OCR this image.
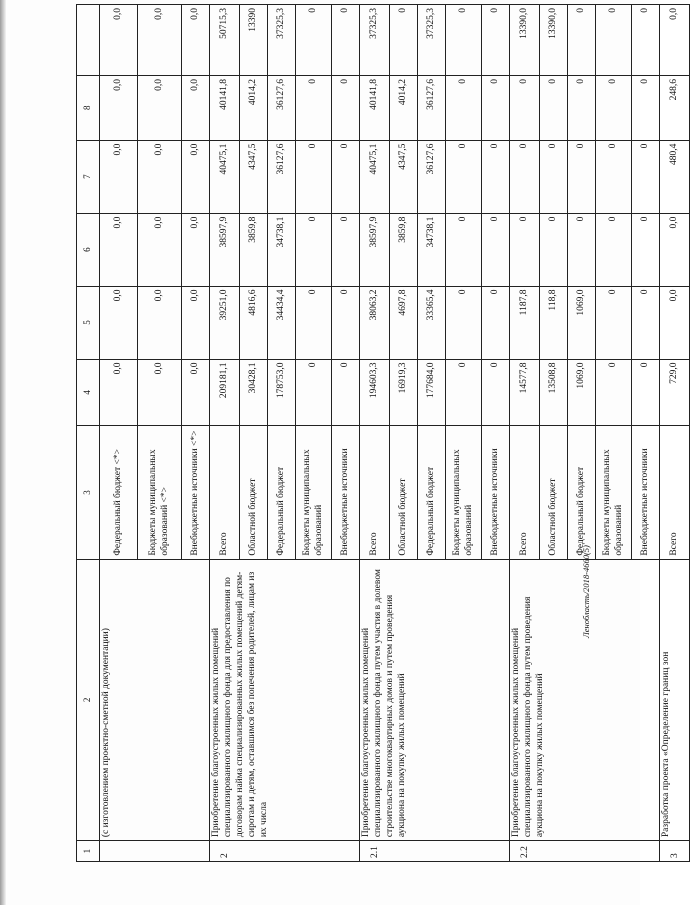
1	2	3	4	5	6	7	8	
	(с изготовлением проектно-сметной документации)	Федеральный бюджет <*>	0,0	0,0	0,0	0,0	0,0	0,0
		Бюджеты муниципальных образований <*>	0,0	0,0	0,0	0,0	0,0	0,0
		Внебюджетные источники <*>	0,0	0,0	0,0	0,0	0,0	0,0
2	Приобретение благоустроенных жилых помещений специализированного жилищного фонда для предоставления по договорам найма специализированных жилых помещений детям-сиротам и детям, оставшимся без попечения родителей, лицам из их числа	Всего	209181,1	39251,0	38597,9	40475,1	40141,8	50715,3
		Областной бюджет	30428,1	4816,6	3859,8	4347,5	4014,2	13390
		Федеральный бюджет	178753,0	34434,4	34738,1	36127,6	36127,6	37325,3
		Бюджеты муниципальных образований	0	0	0	0	0	0
		Внебюджетные источники	0	0	0	0	0	0
2.1	Приобретение благоустроенных жилых помещений специализированного жилищного фонда путем участия в долевом строительстве многоквартирных домов и путем проведения аукциона на покупку жилых помещений	Всего	194603,3	38063,2	38597,9	40475,1	40141,8	37325,3
		Областной бюджет	16919,3	4697,8	3859,8	4347,5	4014,2	0
		Федеральный бюджет	177684,0	33365,4	34738,1	36127,6	36127,6	37325,3
		Бюджеты муниципальных образований	0	0	0	0	0	0
		Внебюджетные источники	0	0	0	0	0	0
2.2	Приобретение благоустроенных жилых помещений специализированного жилищного фонда путем проведения аукциона на покупку жилых помещений	Всего	14577,8	1187,8	0	0	0	13390,0
		Областной бюджет	13508,8	118,8	0	0	0	13390,0
		Федеральный бюджет	1069,0	1069,0	0	0	0	0
		Бюджеты муниципальных образований	0	0	0	0	0	0
		Внебюджетные источники	0	0	0	0	0	0
3	Разработка проекта «Определение границ зон	Всего	729,0	0,0	0,0	480,4	248,6	0,0
Ленобласть/2018-4660(5)
